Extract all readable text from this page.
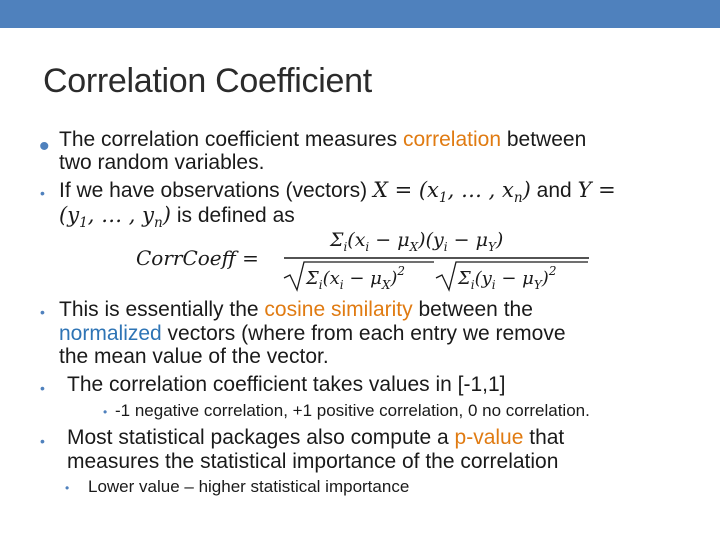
Correlation Coefficient
• The correlation coefficient measures correlation between
two random variables.
• If we have observations (vectors) $X = (x_1$, … , $x_n$) and Y =
($y_1$, … , $y_n$) is defined as
CorrCoeff =
$\Sigma_i(x_i - \mu_X)(y_i - \mu_Y)$
$\Sigma_i(x_i - \mu_X)^2$	$\Sigma_i(y_i - \mu_Y)^2$
• This is essentially the cosine similarity between the
normalized vectors (where from each entry we remove
the mean value of the vector.
• The correlation coefficient takes values in [-1,1]
• -1 negative correlation, +1 positive correlation, 0 no correlation.
• Most statistical packages also compute a p-value that
measures the statistical importance of the correlation
• Lower value – higher statistical importance
